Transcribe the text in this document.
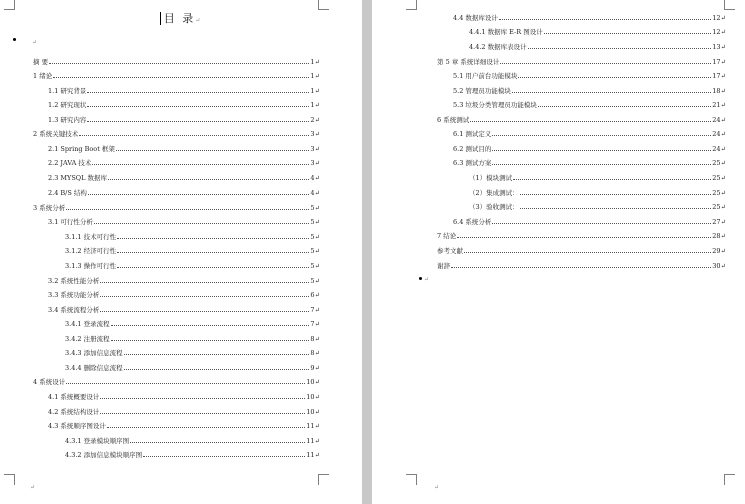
目 录↵
↵
↵
摘 要	1↵
1 绪论	1↵
1.1 研究背景	1↵
1.2 研究现状	1↵
1.3 研究内容	2↵
2 系统关键技术	3↵
2.1 Spring Boot 框架	3↵
2.2 JAVA 技术	3↵
2.3 MYSQL 数据库	4↵
2.4 B/S 结构	4↵
3 系统分析	5↵
3.1 可行性分析	5↵
3.1.1 技术可行性	5↵
3.1.2 经济可行性	5↵
3.1.3 操作可行性	5↵
3.2 系统性能分析	5↵
3.3 系统功能分析	6↵
3.4 系统流程分析	7↵
3.4.1 登录流程	7↵
3.4.2 注册流程	8↵
3.4.3 添加信息流程	8↵
3.4.4 删除信息流程	9↵
4 系统设计	10↵
4.1 系统概要设计	10↵
4.2 系统结构设计	10↵
4.3 系统顺序图设计	11↵
4.3.1 登录模块顺序图	11↵
4.3.2 添加信息模块顺序图	11↵
↵
↵
4.4 数据库设计	12↵
4.4.1 数据库 E-R 图设计	12↵
4.4.2 数据库表设计	13↵
第 5 章 系统详细设计	17↵
5.1 用户前台功能模块	17↵
5.2 管理员功能模块	18↵
5.3 垃圾分类管理员功能模块	21↵
6 系统测试	24↵
6.1 测试定义	24↵
6.2 测试目的	24↵
6.3 测试方案	25↵
（1）模块测试	25↵
（2）集成测试：	25↵
（3）验收测试：	25↵
6.4 系统分析	27↵
7 结论	28↵
参考文献	29↵
谢辞	30↵
